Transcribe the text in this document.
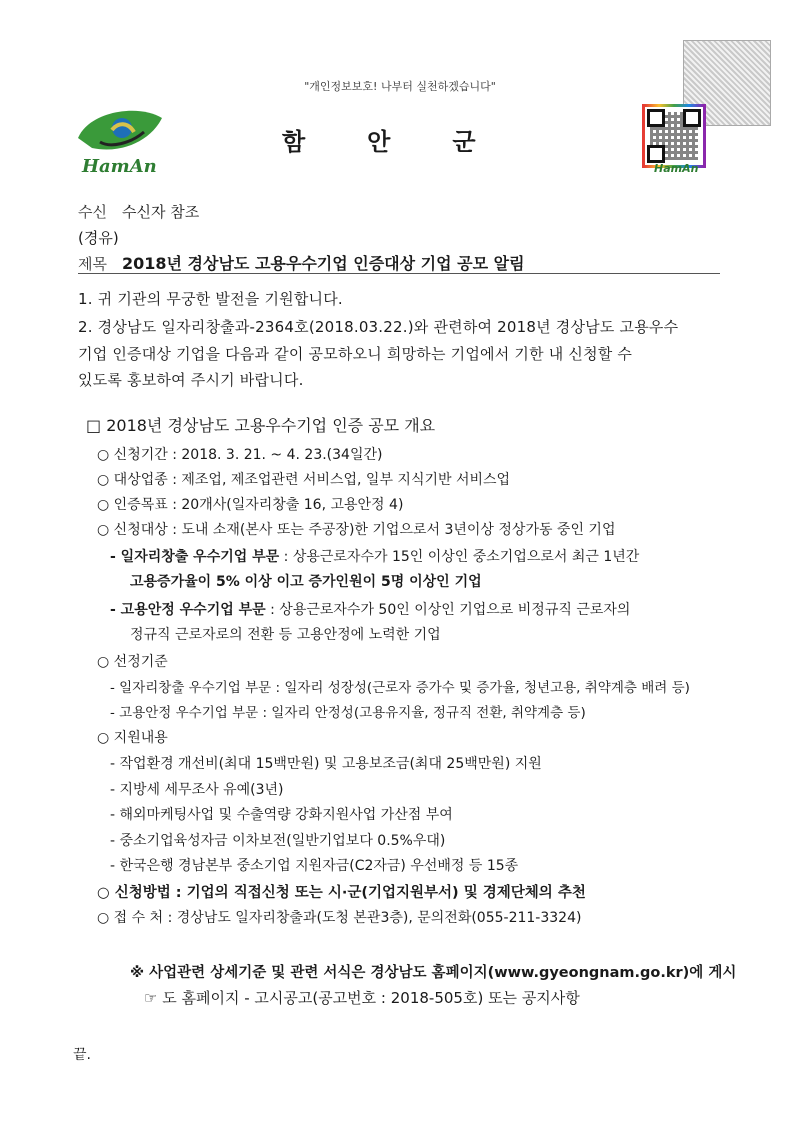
"개인정보보호! 나부터 실천하겠습니다"
HamAn
함안군
HamAn
수신 수신자 참조
(경유)
제목 2018년 경상남도 고용우수기업 인증대상 기업 공모 알림
1. 귀 기관의 무궁한 발전을 기원합니다.
2. 경상남도 일자리창출과-2364호(2018.03.22.)와 관련하여 2018년 경상남도 고용우수
기업 인증대상 기업을 다음과 같이 공모하오니 희망하는 기업에서 기한 내 신청할 수
있도록 홍보하여 주시기 바랍니다.
□ 2018년 경상남도 고용우수기업 인증 공모 개요
○ 신청기간 : 2018. 3. 21. ~ 4. 23.(34일간)
○ 대상업종 : 제조업, 제조업관련 서비스업, 일부 지식기반 서비스업
○ 인증목표 : 20개사(일자리창출 16, 고용안정 4)
○ 신청대상 : 도내 소재(본사 또는 주공장)한 기업으로서 3년이상 정상가동 중인 기업
- 일자리창출 우수기업 부문 : 상용근로자수가 15인 이상인 중소기업으로서 최근 1년간
고용증가율이 5% 이상 이고 증가인원이 5명 이상인 기업
- 고용안정 우수기업 부문 : 상용근로자수가 50인 이상인 기업으로 비정규직 근로자의
정규직 근로자로의 전환 등 고용안정에 노력한 기업
○ 선정기준
- 일자리창출 우수기업 부문 : 일자리 성장성(근로자 증가수 및 증가율, 청년고용, 취약계층 배려 등)
- 고용안정 우수기업 부문 : 일자리 안정성(고용유지율, 정규직 전환, 취약계층 등)
○ 지원내용
- 작업환경 개선비(최대 15백만원) 및 고용보조금(최대 25백만원) 지원
- 지방세 세무조사 유예(3년)
- 해외마케팅사업 및 수출역량 강화지원사업 가산점 부여
- 중소기업육성자금 이차보전(일반기업보다 0.5%우대)
- 한국은행 경남본부 중소기업 지원자금(C2자금) 우선배정 등 15종
○ 신청방법 : 기업의 직접신청 또는 시·군(기업지원부서) 및 경제단체의 추천
○ 접 수 처 : 경상남도 일자리창출과(도청 본관3층), 문의전화(055-211-3324)
※ 사업관련 상세기준 및 관련 서식은 경상남도 홈페이지(www.gyeongnam.go.kr)에 게시
☞ 도 홈페이지 - 고시공고(공고번호 : 2018-505호) 또는 공지사항
끝.
